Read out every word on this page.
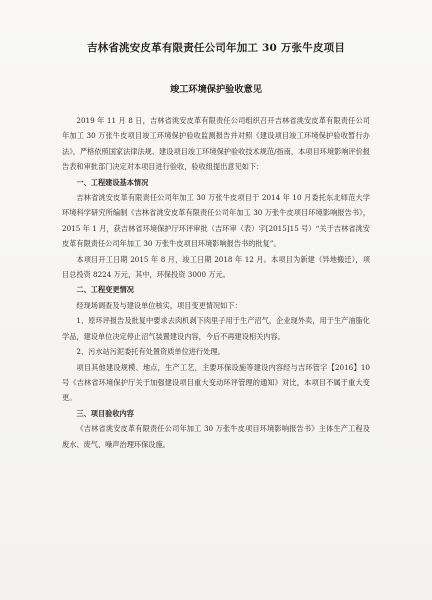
吉林省洮安皮革有限责任公司年加工 30 万张牛皮项目
竣工环境保护验收意见

2019 年 11 月 8 日，吉林省洮安皮革有限责任公司组织召开吉林省洮安皮革有限责任公司年加工 30 万张牛皮项目竣工环境保护验收监测报告并对照《建设项目竣工环境保护验收暂行办法》，严格依照国家法律法规、建设项目竣工环境保护验收技术规范/指南，本项目环境影响评价报告表和审批部门决定对本项目进行验收，验收组提出意见如下：

一、工程建设基本情况

吉林省洮安皮革有限责任公司年加工 30 万张牛皮项目于 2014 年 10 月委托东北师范大学环境科学研究所编制《吉林省洮安皮革有限责任公司年加工 30 万张牛皮项目环境影响报告书》，2015 年 1 月，获吉林省环境保护厅环评审批（吉环审（表）字[2015]15 号）“关于吉林省洮安皮革有限责任公司年加工 30 万张牛皮项目环境影响报告书的批复”。

本项目开工日期 2015 年 8 月，竣工日期 2018 年 12 月。本项目为新建（异地搬迁），项目总投资 8224 万元，其中，环保投资 3000 万元。

二、工程变更情况

经现场调查及与建设单位核实，项目变更情况如下：

1、原环评报告及批复中要求去肉机剥下肉里子用于生产沼气，企业现外卖，用于生产油脂化学品，建设单位决定停止沼气装置建设内容，今后不再建设相关内容。

2、污水站污泥委托有处置资质单位进行处理。

项目其他建设规模、地点，生产工艺，主要环保设施等建设内容经与吉环管字【2016】10 号《吉林省环境保护厅关于加强建设项目重大变动环评管理的通知》对比，本项目不属于重大变更。

三、项目验收内容

《吉林省洮安皮革有限责任公司年加工 30 万张牛皮项目环境影响报告书》主体生产工程及废水、废气、噪声治理环保设施。
